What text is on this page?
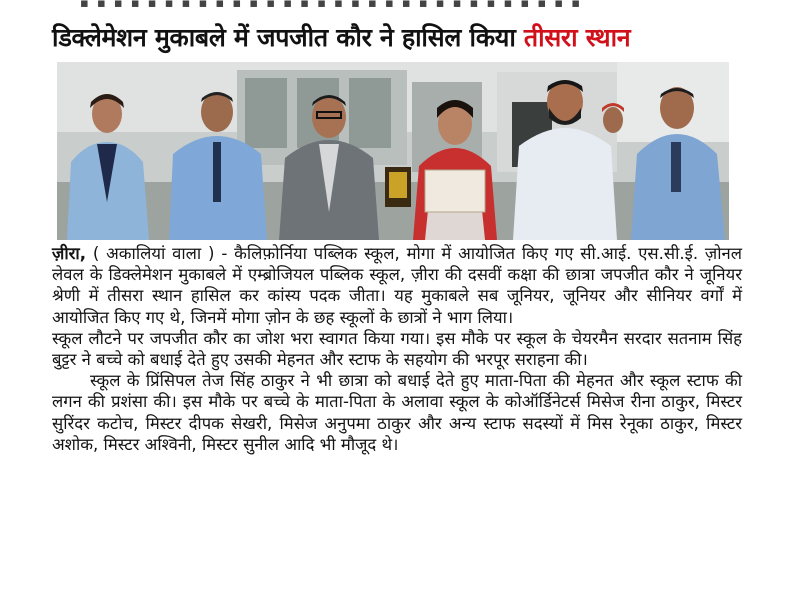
▪ ▪ ▪ ▪ ▪ ▪ ▪ ▪ ▪ ▪ ▪ ▪ ▪ ▪ ▪ ▪ ▪ ▪ ▪ ▪ ▪ ▪ ▪ ▪ ▪ ▪ ▪ ▪ ▪ ▪
डिक्लेमेशन मुकाबले में जपजीत कौर ने हासिल किया तीसरा स्थान

ज़ीरा, ( अकालियां वाला ) - कैलिफ़ोर्निया पब्लिक स्कूल, मोगा में आयोजित किए गए सी.आई. एस.सी.ई. ज़ोनल लेवल के डिक्लेमेशन मुकाबले में एम्ब्रोजियल पब्लिक स्कूल, ज़ीरा की दसवीं कक्षा की छात्रा जपजीत कौर ने जूनियर श्रेणी में तीसरा स्थान हासिल कर कांस्य पदक जीता। यह मुकाबले सब जूनियर, जूनियर और सीनियर वर्गों में आयोजित किए गए थे, जिनमें मोगा ज़ोन के छह स्कूलों के छात्रों ने भाग लिया।

स्कूल लौटने पर जपजीत कौर का जोश भरा स्वागत किया गया। इस मौके पर स्कूल के चेयरमैन सरदार सतनाम सिंह बुट्टर ने बच्चे को बधाई देते हुए उसकी मेहनत और स्टाफ के सहयोग की भरपूर सराहना की।

स्कूल के प्रिंसिपल तेज सिंह ठाकुर ने भी छात्रा को बधाई देते हुए माता-पिता की मेहनत और स्कूल स्टाफ की लगन की प्रशंसा की। इस मौके पर बच्चे के माता-पिता के अलावा स्कूल के कोऑर्डिनेटर्स मिसेज रीना ठाकुर, मिस्टर सुरिंदर कटोच, मिस्टर दीपक सेखरी, मिसेज अनुपमा ठाकुर और अन्य स्टाफ सदस्यों में मिस रेनूका ठाकुर, मिस्टर अशोक, मिस्टर अश्विनी, मिस्टर सुनील आदि भी मौजूद थे।
